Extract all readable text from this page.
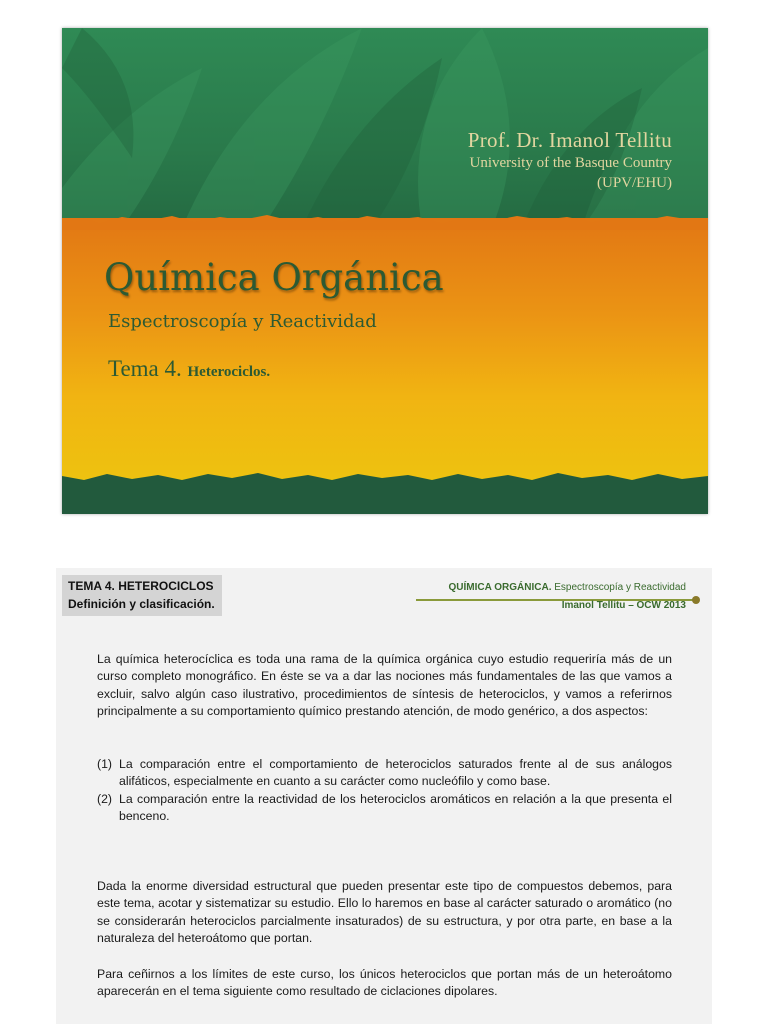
Prof. Dr. Imanol Tellitu
University of the Basque Country
(UPV/EHU)
Química Orgánica
Espectroscopía y Reactividad
Tema 4. Heterociclos.
TEMA 4. HETEROCICLOS
Definición y clasificación.
QUÍMICA ORGÁNICA. Espectroscopía y Reactividad
Imanol Tellitu – OCW 2013
La química heterocíclica es toda una rama de la química orgánica cuyo estudio requeriría más de un curso completo monográfico. En éste se va a dar las nociones más fundamentales de las que vamos a excluir, salvo algún caso ilustrativo, procedimientos de síntesis de heterociclos, y vamos a referirnos principalmente a su comportamiento químico prestando atención, de modo genérico, a dos aspectos:
(1) La comparación entre el comportamiento de heterociclos saturados frente al de sus análogos alifáticos, especialmente en cuanto a su carácter como nucleófilo y como base.
(2) La comparación entre la reactividad de los heterociclos aromáticos en relación a la que presenta el benceno.
Dada la enorme diversidad estructural que pueden presentar este tipo de compuestos debemos, para este tema, acotar y sistematizar su estudio. Ello lo haremos en base al carácter saturado o aromático (no se considerarán heterociclos parcialmente insaturados) de su estructura, y por otra parte, en base a la naturaleza del heteroátomo que portan.
Para ceñirnos a los límites de este curso, los únicos heterociclos que portan más de un heteroátomo aparecerán en el tema siguiente como resultado de ciclaciones dipolares.
